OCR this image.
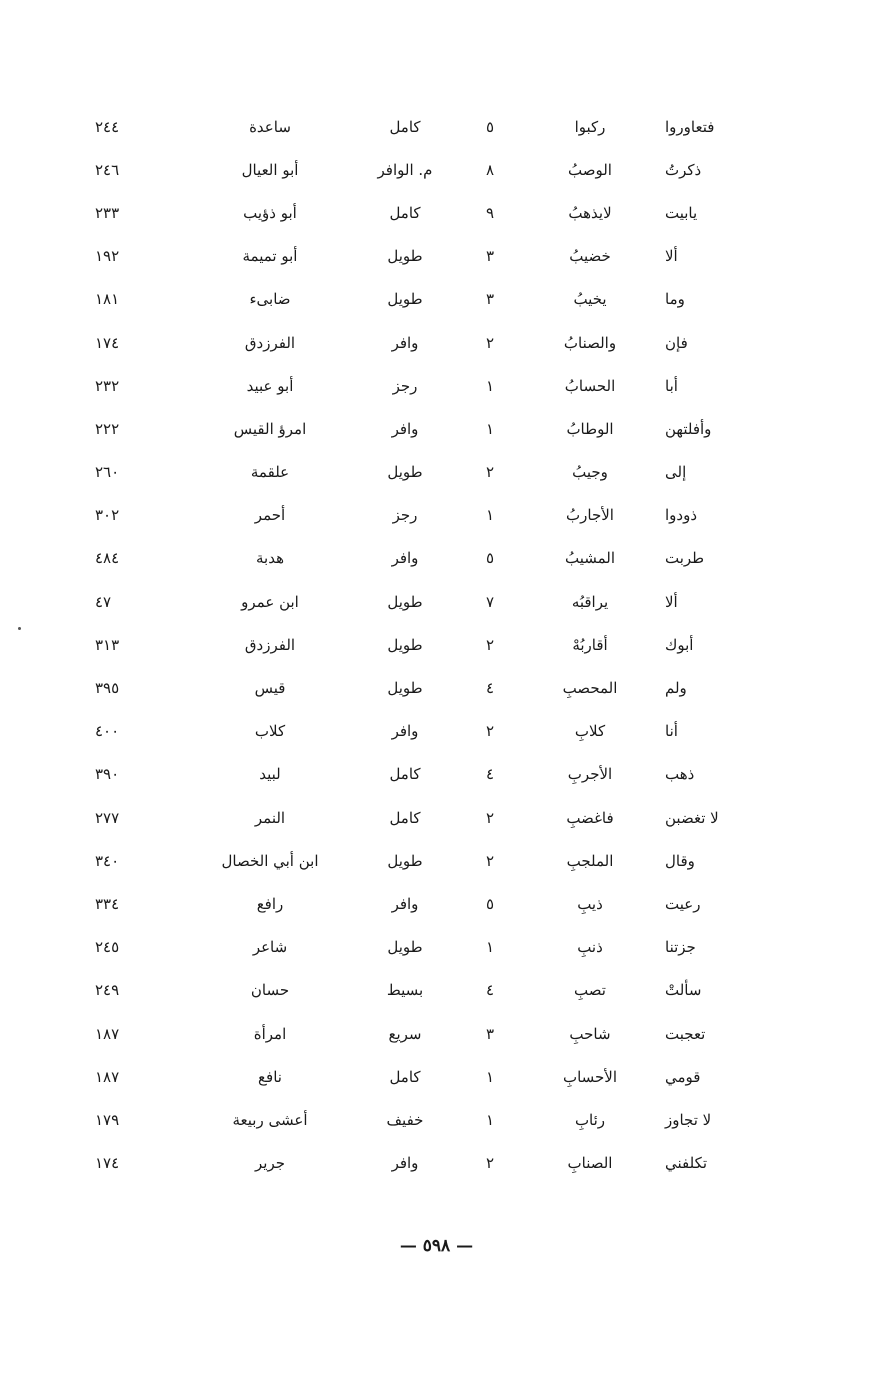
فتعاوروا	ركبوا	٥	كامل	ساعدة	٢٤٤
ذكرتُ	الوصبُ	٨	م. الوافر	أبو العيال	٢٤٦
يابيت	لايذهبُ	٩	كامل	أبو ذؤيب	٢٣٣
ألا	خضيبُ	٣	طويل	أبو تميمة	١٩٢
وما	يخيبُ	٣	طويل	ضابىء	١٨١
فإن	والصنابُ	٢	وافر	الفرزدق	١٧٤
أبا	الحسابُ	١	رجز	أبو عبيد	٢٣٢
وأفلتهن	الوطابُ	١	وافر	امرؤ القيس	٢٢٢
إلى	وجيبُ	٢	طويل	علقمة	٢٦٠
ذودوا	الأجاربُ	١	رجز	أحمر	٣٠٢
طربت	المشيبُ	٥	وافر	هدبة	٤٨٤
ألا	يراقبُه	٧	طويل	ابن عمرو	٤٧
أبوك	أقاربُهْ	٢	طويل	الفرزدق	٣١٣
ولم	المحصبِ	٤	طويل	قيس	٣٩٥
أنا	كلابِ	٢	وافر	كلاب	٤٠٠
ذهب	الأجربِ	٤	كامل	لبيد	٣٩٠
لا تغضبن	فاغضبِ	٢	كامل	النمر	٢٧٧
وقال	الملجبِ	٢	طويل	ابن أبي الخصال	٣٤٠
رعيت	ذيبِ	٥	وافر	رافع	٣٣٤
جزتنا	ذنبِ	١	طويل	شاعر	٢٤٥
سألتْ	تصبِ	٤	بسيط	حسان	٢٤٩
تعجبت	شاحبِ	٣	سريع	امرأة	١٨٧
قومي	الأحسابِ	١	كامل	نافع	١٨٧
لا تجاوز	رئابِ	١	خفيف	أعشى ربيعة	١٧٩
تكلفني	الصنابِ	٢	وافر	جرير	١٧٤
— ٥٩٨ —
